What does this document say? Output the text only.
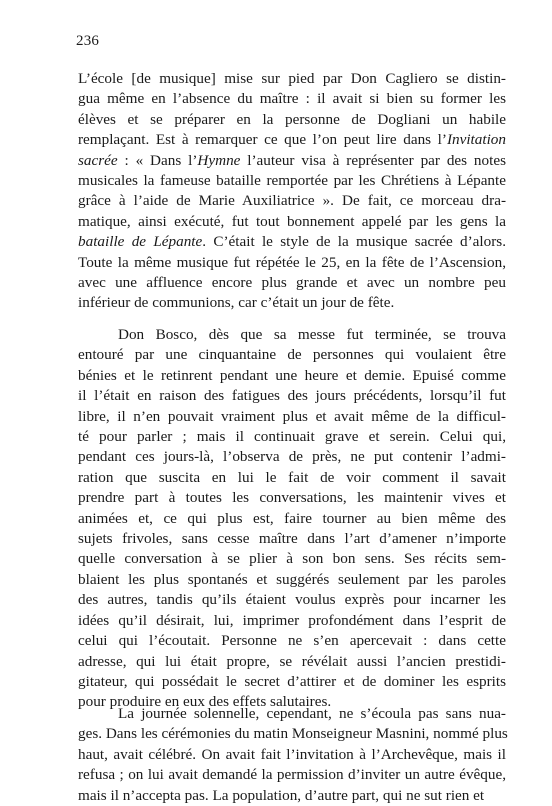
236
L’école [de musique] mise sur pied par Don Cagliero se distin-
gua même en l’absence du maître : il avait si bien su former les
élèves et se préparer en la personne de Dogliani un habile
remplaçant. Est à remarquer ce que l’on peut lire dans l’Invitation
sacrée : « Dans l’Hymne l’auteur visa à représenter par des notes
musicales la fameuse bataille remportée par les Chrétiens à Lépante
grâce à l’aide de Marie Auxiliatrice ». De fait, ce morceau dra-
matique, ainsi exécuté, fut tout bonnement appelé par les gens la
bataille de Lépante. C’était le style de la musique sacrée d’alors.
Toute la même musique fut répétée le 25, en la fête de l’Ascension,
avec une affluence encore plus grande et avec un nombre peu
inférieur de communions, car c’était un jour de fête.
Don Bosco, dès que sa messe fut terminée, se trouva
entouré par une cinquantaine de personnes qui voulaient être
bénies et le retinrent pendant une heure et demie. Epuisé comme
il l’était en raison des fatigues des jours précédents, lorsqu’il fut
libre, il n’en pouvait vraiment plus et avait même de la difficul-
té pour parler ; mais il continuait grave et serein. Celui qui,
pendant ces jours-là, l’observa de près, ne put contenir l’admi-
ration que suscita en lui le fait de voir comment il savait
prendre part à toutes les conversations, les maintenir vives et
animées et, ce qui plus est, faire tourner au bien même des
sujets frivoles, sans cesse maître dans l’art d’amener n’importe
quelle conversation à se plier à son bon sens. Ses récits sem-
blaient les plus spontanés et suggérés seulement par les paroles
des autres, tandis qu’ils étaient voulus exprès pour incarner les
idées qu’il désirait, lui, imprimer profondément dans l’esprit de
celui qui l’écoutait. Personne ne s’en apercevait : dans cette
adresse, qui lui était propre, se révélait aussi l’ancien prestidi-
gitateur, qui possédait le secret d’attirer et de dominer les esprits
pour produire en eux des effets salutaires.
La journée solennelle, cependant, ne s’écoula pas sans nua-
ges. Dans les cérémonies du matin Monseigneur Masnini, nommé plus
haut, avait célébré. On avait fait l’invitation à l’Archevêque, mais il
refusa ; on lui avait demandé la permission d’inviter un autre évêque,
mais il n’accepta pas. La population, d’autre part, qui ne sut rien et
